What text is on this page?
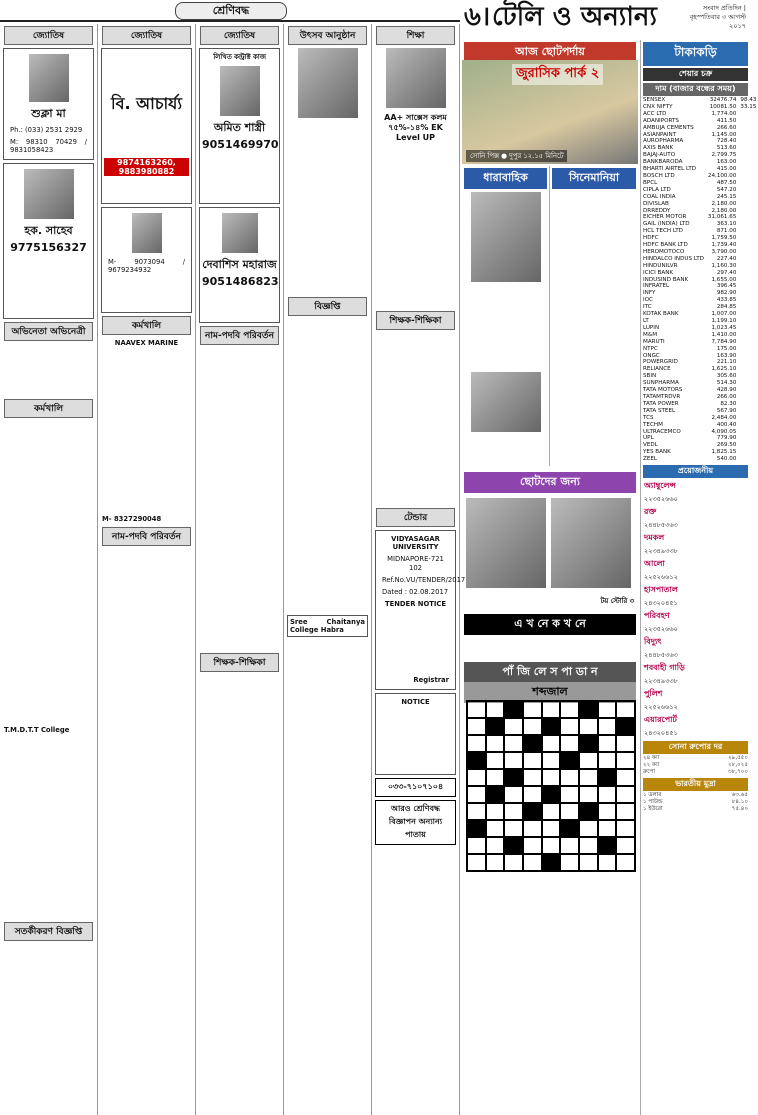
শ্রেণিবদ্ধ	৬। টেলি ও অন্যান্য	সংবাদ প্রতিদিন | বৃহস্পতিবার ৩ আগস্ট ২০১৭
জ্যোতিষ
শুক্লা মা
Ph.: (033) 2531 2929
M: 98310 70429 / 9831058423
হক. সাহেব
9775156327
অভিনেতা অভিনেত্রী
কর্মখালি
T.M.D.T.T College
সতর্কীকরণ বিজ্ঞপ্তি
জ্যোতিষ
বি. আচার্য্য
9874163260, 9883980882
M- 9073094 / 9679234932
কর্মখালি
NAAVEX MARINE
M- 8327290048
নাম-পদবি পরিবর্তন
জ্যোতিষ
লিখিত কন্ট্রাক্ট কাজ
অমিত শাস্ত্রী
9051469970
দেবাশিস মহারাজ
9051486823
নাম-পদবি পরিবর্তন
শিক্ষক-শিক্ষিকা
উৎসব আনুষ্ঠান
বিজ্ঞপ্তি
Sree Chaitanya College Habra
শিক্ষা
AA+ সাক্সেস কলম ৭৫%-১৪% EK Level UP
শিক্ষক-শিক্ষিকা
টেন্ডার
VIDYASAGAR UNIVERSITY
MIDNAPORE-721 102
Ref.No.VU/TENDER/2017
Dated : 02.08.2017
TENDER NOTICE
Registrar
NOTICE
০৩৩-৭১০৭১০৪
আরও শ্রেণিবদ্ধ বিজ্ঞাপন অন্যান্য পাতায়
আজ ছোটপর্দায়
জুরাসিক পার্ক ২
সোনি পিক্স ● দুপুর ১২.১৫ মিনিটে
ধারাবাহিক	সিনেমানিয়া
ছোটদের জন্য

টয় স্টোরি ৩
এ খ নে ক খ নে
পাঁ জি লে স পা ডা ন
শব্দজাল
টাকাকড়ি
শেয়ার চক্র
দাম (বাজার বন্ধের সময়)
SENSEX	32476.74	98.43
CNX NIFTY	10081.50	33.15
ACC LTD	1,774.00	
ADANIPORTS	411.50	
AMBUJA CEMENTS	266.60	
ASIANPAINT	1,145.00	
AUROPHARMA	728.40	
AXIS BANK	513.60	
BAJAJ-AUTO	2,799.75	
BANKBARODA	163.00	
BHARTI AIRTEL LTD	415.00	
BOSCH LTD	24,100.00	
BPCL	487.50	
CIPLA LTD	547.20	
COAL INDIA	245.15	
DIVISLAB	2,180.00	
DRREDDY	2,180.00	
EICHER MOTOR	31,061.65	
GAIL (INDIA) LTD	363.10	
HCL TECH LTD	871.00	
HDFC	1,759.50	
HDFC BANK LTD	1,739.40	
HEROMOTOCO	3,790.00	
HINDALCO INDUS LTD	227.40	
HINDUNILVR	1,160.30	
ICICI BANK	297.40	
INDUSIND BANK	1,655.00	
INFRATEL	396.45	
INFY	982.90	
IOC	433.85	
ITC	284.85	
KOTAK BANK	1,007.00	
LT	1,199.10	
LUPIN	1,023.45	
M&M	1,410.00	
MARUTI	7,784.90	
NTPC	175.00	
ONGC	163.90	
POWERGRID	221.10	
RELIANCE	1,625.10	
SBIN	305.60	
SUNPHARMA	514.30	
TATA MOTORS	428.90	
TATAMTRDVR	266.00	
TATA POWER	82.30	
TATA STEEL	567.90	
TCS	2,484.00	
TECHM	400.40	
ULTRACEMCO	4,090.05	
UPL	779.90	
VEDL	269.50	
YES BANK	1,825.15	
ZEEL	540.00	
প্রয়োজনীয়
অ্যাম্বুলেন্স
২২৩৫২৬৬০
রক্ত
২৪৪৮৫৩৬৩
দমকল
২২৩৪৯৩৩৮
আলো
২২৫২৬৬১২
হাসপাতাল
২৪৩২০৪৫১
পরিবহণ
২২৩৫২৬৬০
বিদ্যুৎ
২৪৪৮৫৩৬৩
শববাহী গাড়ি
২২৩৪৯৩৩৮
পুলিশ
২২৫২৬৬১২
এয়ারপোর্ট
২৪৩২০৪৫১
সোনা রুপোর দর
২৪ ক্যা	২৯,৫৫০
২২ ক্যা	২৮,০২৫
রুপো	৩৮,৭০০
ভারতীয় মুদ্রা
১ ডলার	৬৩.৬৫
১ পাউন্ড	৮৪.১০
১ ইউরো	৭৫.৪০
